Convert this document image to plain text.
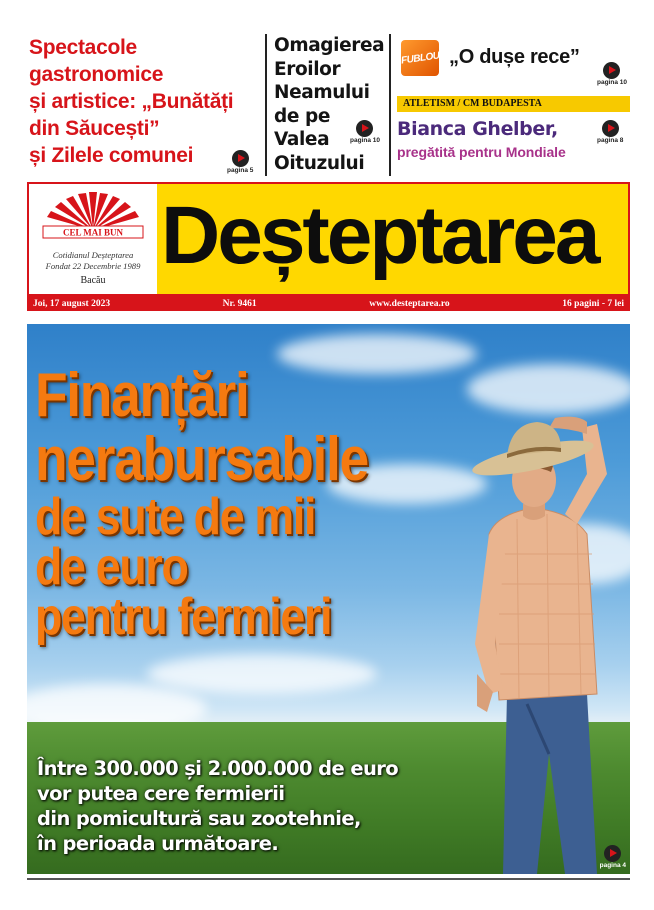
Spectacole
gastronomice
și artistice: „Bunătăți
din Săucești”
și Zilele comunei
pagina 5
Omagierea
Eroilor
Neamului
de pe
Valea
Oituzului
pagina 10
FUBLOU „O dușe rece”
pagina 10
ATLETISM / CM BUDAPESTA
Bianca Ghelber,
pregătită pentru Mondiale
pagina 8
CEL MAI BUN
Cotidianul Deșteptarea
Fondat 22 Decembrie 1989
Bacău Deșteptarea
Joi, 17 august 2023	Nr. 9461	www.desteptarea.ro	16 pagini - 7 lei
Finanțări
nerabursabile
de sute de mii
de euro
pentru fermieri
Între 300.000 și 2.000.000 de euro
vor putea cere fermierii
din pomicultură sau zootehnie,
în perioada următoare.
pagina 4
